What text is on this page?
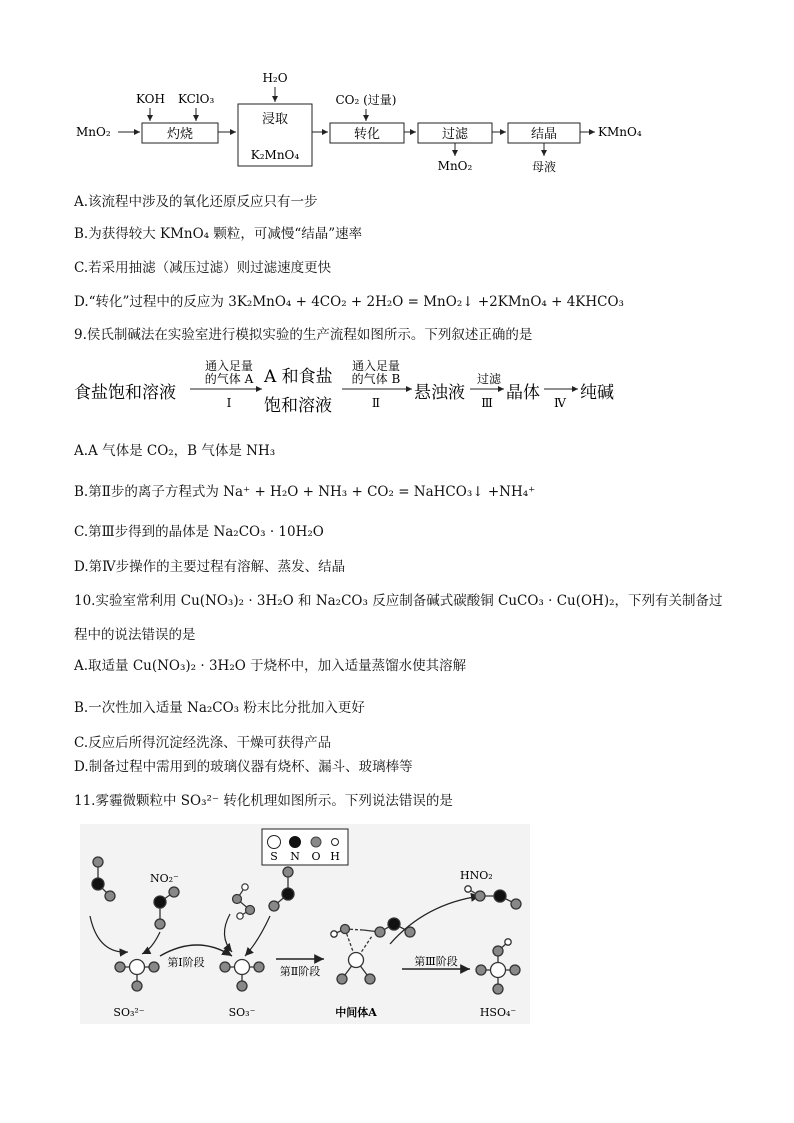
MnO₂
KOH KClO₃
灼烧
H₂O
浸取
K₂MnO₄
CO₂ (过量)
转化	过滤
MnO₂
结晶
母液
KMnO₄
A.该流程中涉及的氧化还原反应只有一步
B.为获得较大 KMnO₄ 颗粒，可减慢“结晶”速率
C.若采用抽滤（减压过滤）则过滤速度更快
D.“转化”过程中的反应为 3K₂MnO₄ + 4CO₂ + 2H₂O = MnO₂↓ +2KMnO₄ + 4KHCO₃
9.侯氏制碱法在实验室进行模拟实验的生产流程如图所示。下列叙述正确的是
食盐饱和溶液
通入足量
的气体 A
Ⅰ
A 和食盐
饱和溶液
通入足量
的气体 B
Ⅱ 悬浊液
过滤
Ⅲ 晶体 Ⅳ 纯碱
A.A 气体是 CO₂，B 气体是 NH₃
B.第Ⅱ步的离子方程式为 Na⁺ + H₂O + NH₃ + CO₂ = NaHCO₃↓ +NH₄⁺
C.第Ⅲ步得到的晶体是 Na₂CO₃ · 10H₂O
D.第Ⅳ步操作的主要过程有溶解、蒸发、结晶
10.实验室常利用 Cu(NO₃)₂ · 3H₂O 和 Na₂CO₃ 反应制备碱式碳酸铜 CuCO₃ · Cu(OH)₂，下列有关制备过
程中的说法错误的是
A.取适量 Cu(NO₃)₂ · 3H₂O 于烧杯中，加入适量蒸馏水使其溶解
B.一次性加入适量 Na₂CO₃ 粉末比分批加入更好
C.反应后所得沉淀经洗涤、干燥可获得产品
D.制备过程中需用到的玻璃仪器有烧杯、漏斗、玻璃棒等
11.雾霾微颗粒中 SO₃²⁻ 转化机理如图所示。下列说法错误的是
S N O H
NO₂⁻
SO₃²⁻
第Ⅰ阶段
SO₃⁻
第Ⅱ阶段
中间体A
第Ⅲ阶段
HNO₂
HSO₄⁻
